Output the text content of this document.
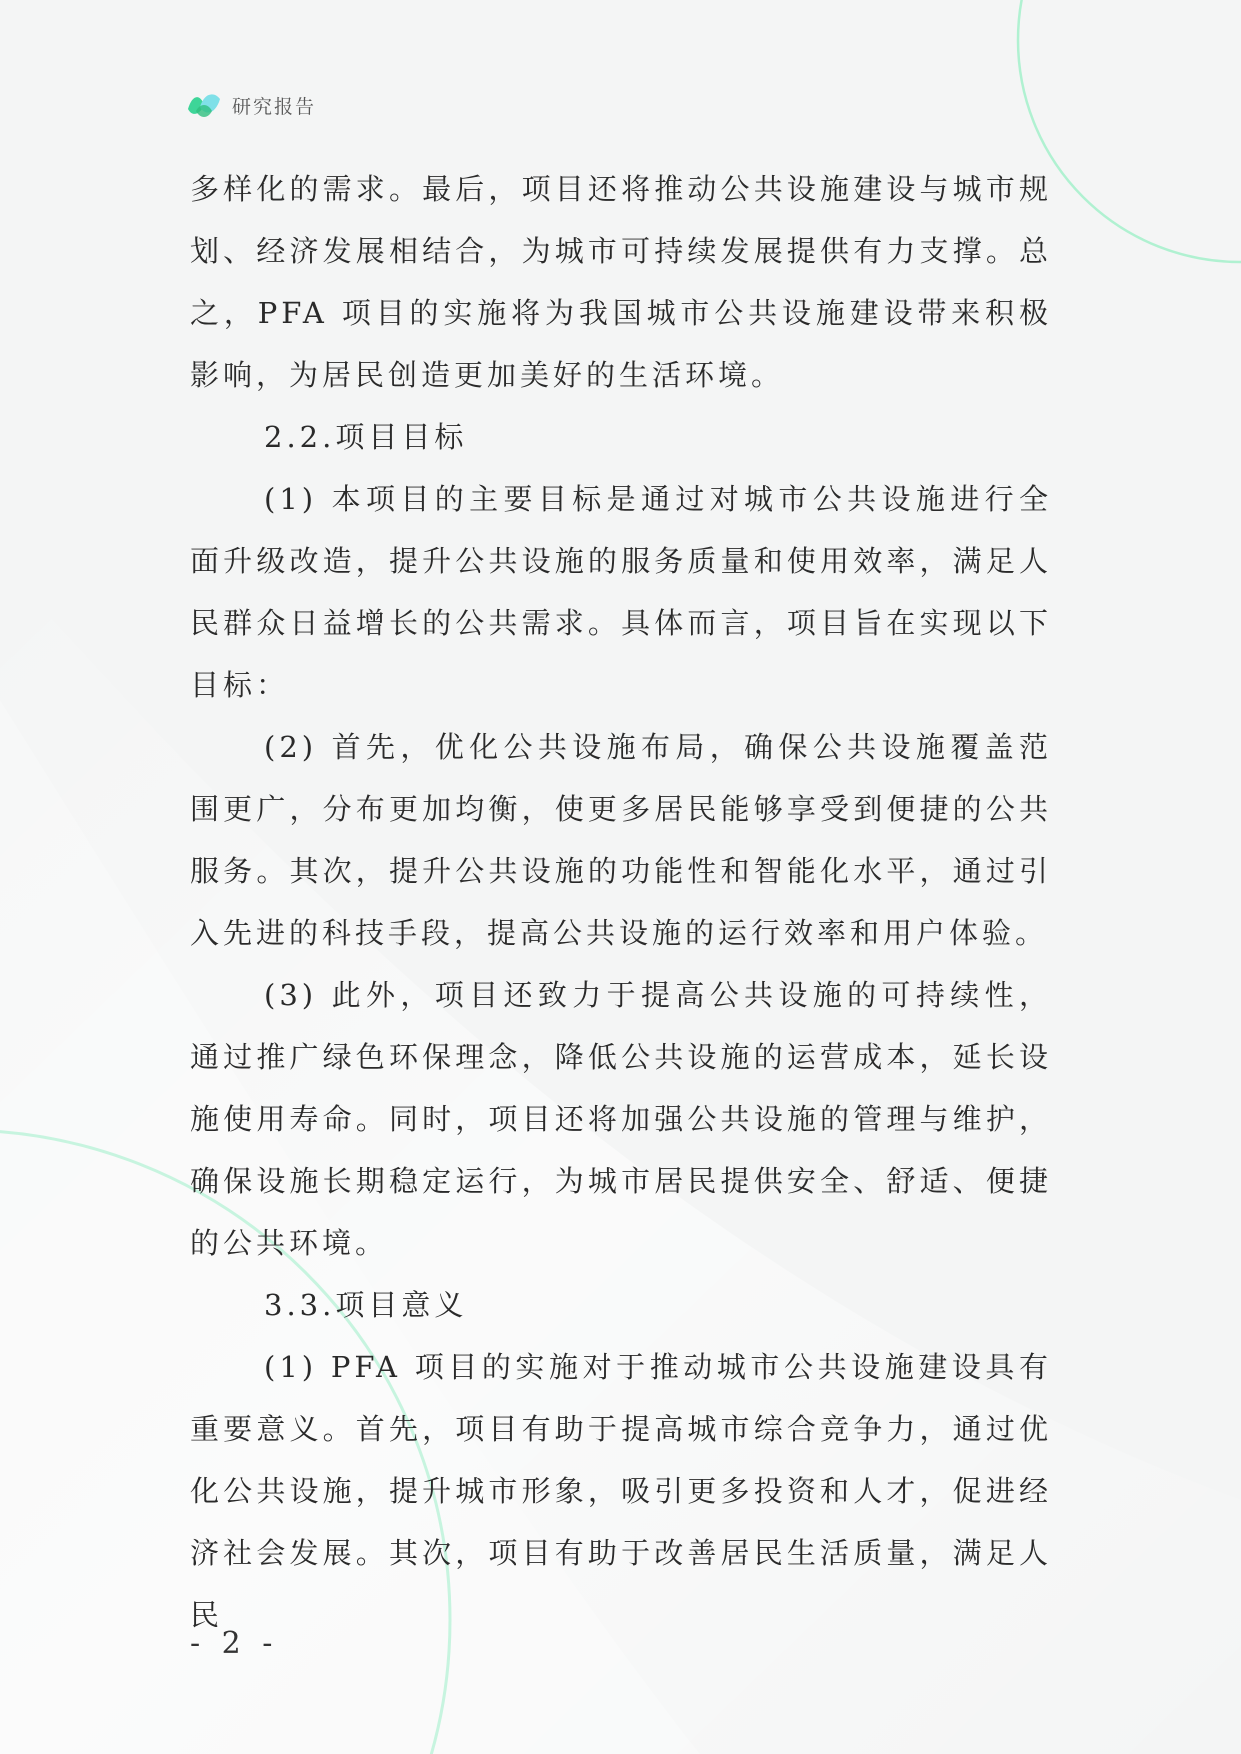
研究报告

多样化的需求。最后，项目还将推动公共设施建设与城市规划、经济发展相结合，为城市可持续发展提供有力支撑。总之，PFA 项目的实施将为我国城市公共设施建设带来积极影响，为居民创造更加美好的生活环境。

2.2.项目目标

(1) 本项目的主要目标是通过对城市公共设施进行全面升级改造，提升公共设施的服务质量和使用效率，满足人民群众日益增长的公共需求。具体而言，项目旨在实现以下目标：

(2) 首先，优化公共设施布局，确保公共设施覆盖范围更广，分布更加均衡，使更多居民能够享受到便捷的公共服务。其次，提升公共设施的功能性和智能化水平，通过引入先进的科技手段，提高公共设施的运行效率和用户体验。

(3) 此外，项目还致力于提高公共设施的可持续性，通过推广绿色环保理念，降低公共设施的运营成本，延长设施使用寿命。同时，项目还将加强公共设施的管理与维护，确保设施长期稳定运行，为城市居民提供安全、舒适、便捷的公共环境。

3.3.项目意义

(1) PFA 项目的实施对于推动城市公共设施建设具有重要意义。首先，项目有助于提高城市综合竞争力，通过优化公共设施，提升城市形象，吸引更多投资和人才，促进经济社会发展。其次，项目有助于改善居民生活质量，满足人民

- 2 -
